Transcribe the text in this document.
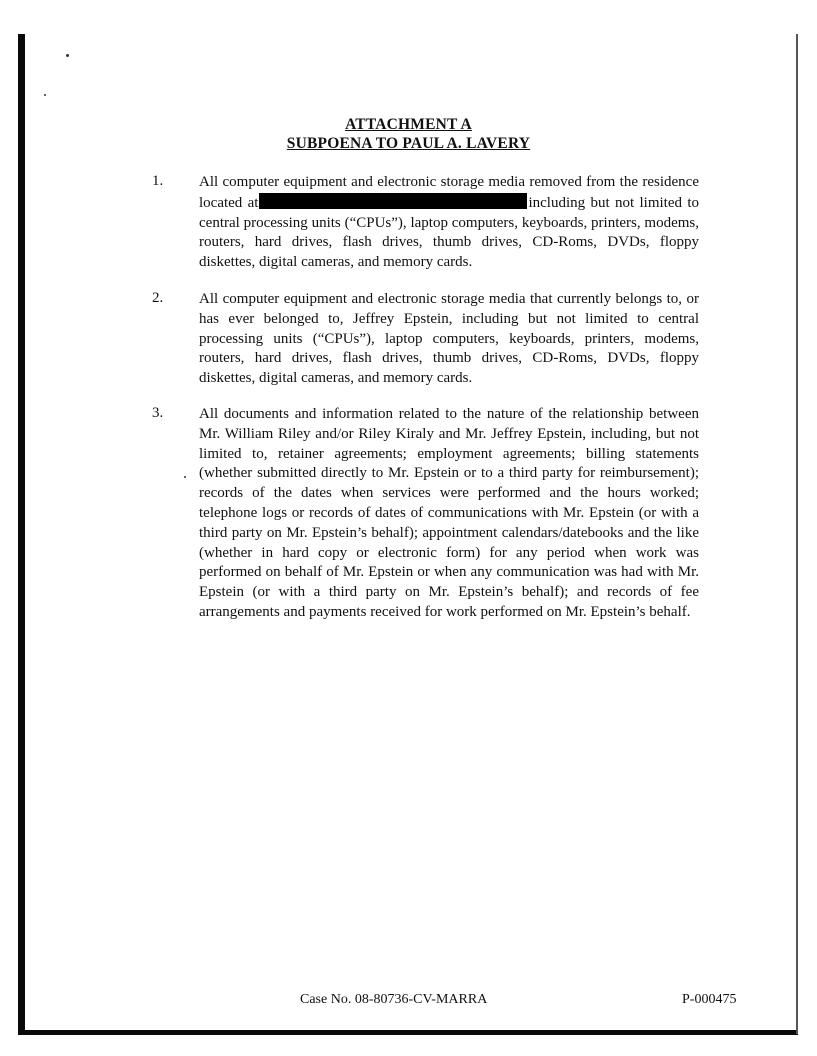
ATTACHMENT A
SUBPOENA TO PAUL A. LAVERY
1. All computer equipment and electronic storage media removed from the residence located at	including but not limited to central processing units (“CPUs”), laptop computers, keyboards, printers, modems, routers, hard drives, flash drives, thumb drives, CD-Roms, DVDs, floppy diskettes, digital cameras, and memory cards.
2. All computer equipment and electronic storage media that currently belongs to, or has ever belonged to, Jeffrey Epstein, including but not limited to central processing units (“CPUs”), laptop computers, keyboards, printers, modems, routers, hard drives, flash drives, thumb drives, CD-Roms, DVDs, floppy diskettes, digital cameras, and memory cards.
3. All documents and information related to the nature of the relationship between Mr. William Riley and/or Riley Kiraly and Mr. Jeffrey Epstein, including, but not limited to, retainer agreements; employment agreements; billing statements (whether submitted directly to Mr. Epstein or to a third party for reimbursement); records of the dates when services were performed and the hours worked; telephone logs or records of dates of communications with Mr. Epstein (or with a third party on Mr. Epstein’s behalf); appointment calendars/datebooks and the like (whether in hard copy or electronic form) for any period when work was performed on behalf of Mr. Epstein or when any communication was had with Mr. Epstein (or with a third party on Mr. Epstein’s behalf); and records of fee arrangements and payments received for work performed on Mr. Epstein’s behalf.
Case No. 08-80736-CV-MARRA	P-000475
